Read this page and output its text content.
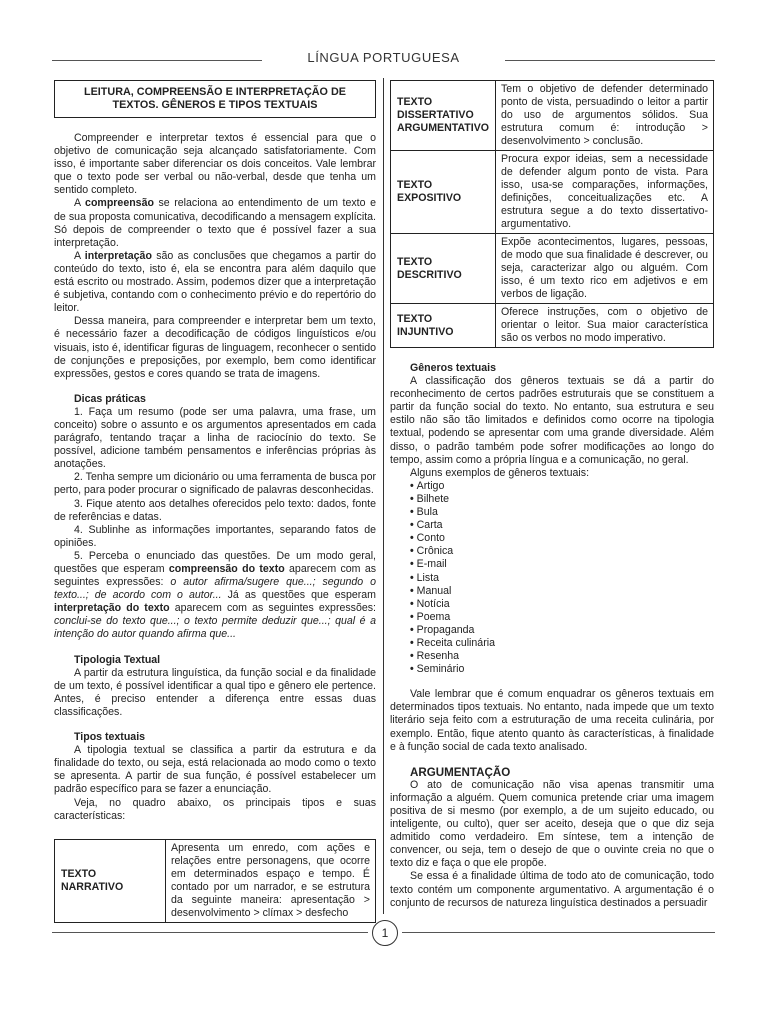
LÍNGUA PORTUGUESA
LEITURA, COMPREENSÃO E INTERPRETAÇÃO DE TEXTOS. GÊNEROS E TIPOS TEXTUAIS

Compreender e interpretar textos é essencial para que o objetivo de comunicação seja alcançado satisfatoriamente. Com isso, é importante saber diferenciar os dois conceitos. Vale lembrar que o texto pode ser verbal ou não-verbal, desde que tenha um sentido completo.

A compreensão se relaciona ao entendimento de um texto e de sua proposta comunicativa, decodificando a mensagem explícita. Só depois de compreender o texto que é possível fazer a sua interpretação.

A interpretação são as conclusões que chegamos a partir do conteúdo do texto, isto é, ela se encontra para além daquilo que está escrito ou mostrado. Assim, podemos dizer que a interpretação é subjetiva, contando com o conhecimento prévio e do repertório do leitor.

Dessa maneira, para compreender e interpretar bem um texto, é necessário fazer a decodificação de códigos linguísticos e/ou visuais, isto é, identificar figuras de linguagem, reconhecer o sentido de conjunções e preposições, por exemplo, bem como identificar expressões, gestos e cores quando se trata de imagens.

Dicas práticas

1. Faça um resumo (pode ser uma palavra, uma frase, um conceito) sobre o assunto e os argumentos apresentados em cada parágrafo, tentando traçar a linha de raciocínio do texto. Se possível, adicione também pensamentos e inferências próprias às anotações.

2. Tenha sempre um dicionário ou uma ferramenta de busca por perto, para poder procurar o significado de palavras desconhecidas.

3. Fique atento aos detalhes oferecidos pelo texto: dados, fonte de referências e datas.

4. Sublinhe as informações importantes, separando fatos de opiniões.

5. Perceba o enunciado das questões. De um modo geral, questões que esperam compreensão do texto aparecem com as seguintes expressões: o autor afirma/sugere que...; segundo o texto...; de acordo com o autor... Já as questões que esperam interpretação do texto aparecem com as seguintes expressões: conclui-se do texto que...; o texto permite deduzir que...; qual é a intenção do autor quando afirma que...

Tipologia Textual

A partir da estrutura linguística, da função social e da finalidade de um texto, é possível identificar a qual tipo e gênero ele pertence. Antes, é preciso entender a diferença entre essas duas classificações.

Tipos textuais

A tipologia textual se classifica a partir da estrutura e da finalidade do texto, ou seja, está relacionada ao modo como o texto se apresenta. A partir de sua função, é possível estabelecer um padrão específico para se fazer a enunciação.

Veja, no quadro abaixo, os principais tipos e suas características:

TEXTO NARRATIVO	Apresenta um enredo, com ações e relações entre personagens, que ocorre em determinados espaço e tempo. É contado por um narrador, e se estrutura da seguinte maneira: apresentação > desenvolvimento > clímax > desfecho
TEXTO DISSERTATIVO ARGUMENTATIVO	Tem o objetivo de defender determinado ponto de vista, persuadindo o leitor a partir do uso de argumentos sólidos. Sua estrutura comum é: introdução > desenvolvimento > conclusão.
TEXTO EXPOSITIVO	Procura expor ideias, sem a necessidade de defender algum ponto de vista. Para isso, usa-se comparações, informações, definições, conceitualizações etc. A estrutura segue a do texto dissertativo-argumentativo.
TEXTO DESCRITIVO	Expõe acontecimentos, lugares, pessoas, de modo que sua finalidade é descrever, ou seja, caracterizar algo ou alguém. Com isso, é um texto rico em adjetivos e em verbos de ligação.
TEXTO INJUNTIVO	Oferece instruções, com o objetivo de orientar o leitor. Sua maior característica são os verbos no modo imperativo.
Gêneros textuais

A classificação dos gêneros textuais se dá a partir do reconhecimento de certos padrões estruturais que se constituem a partir da função social do texto. No entanto, sua estrutura e seu estilo não são tão limitados e definidos como ocorre na tipologia textual, podendo se apresentar com uma grande diversidade. Além disso, o padrão também pode sofrer modificações ao longo do tempo, assim como a própria língua e a comunicação, no geral.

Alguns exemplos de gêneros textuais:

• Artigo
• Bilhete
• Bula
• Carta
• Conto
• Crônica
• E-mail
• Lista
• Manual
• Notícia
• Poema
• Propaganda
• Receita culinária
• Resenha
• Seminário

Vale lembrar que é comum enquadrar os gêneros textuais em determinados tipos textuais. No entanto, nada impede que um texto literário seja feito com a estruturação de uma receita culinária, por exemplo. Então, fique atento quanto às características, à finalidade e à função social de cada texto analisado.

ARGUMENTAÇÃO

O ato de comunicação não visa apenas transmitir uma informação a alguém. Quem comunica pretende criar uma imagem positiva de si mesmo (por exemplo, a de um sujeito educado, ou inteligente, ou culto), quer ser aceito, deseja que o que diz seja admitido como verdadeiro. Em síntese, tem a intenção de convencer, ou seja, tem o desejo de que o ouvinte creia no que o texto diz e faça o que ele propõe.

Se essa é a finalidade última de todo ato de comunicação, todo texto contém um componente argumentativo. A argumentação é o conjunto de recursos de natureza linguística destinados a persuadir

1
